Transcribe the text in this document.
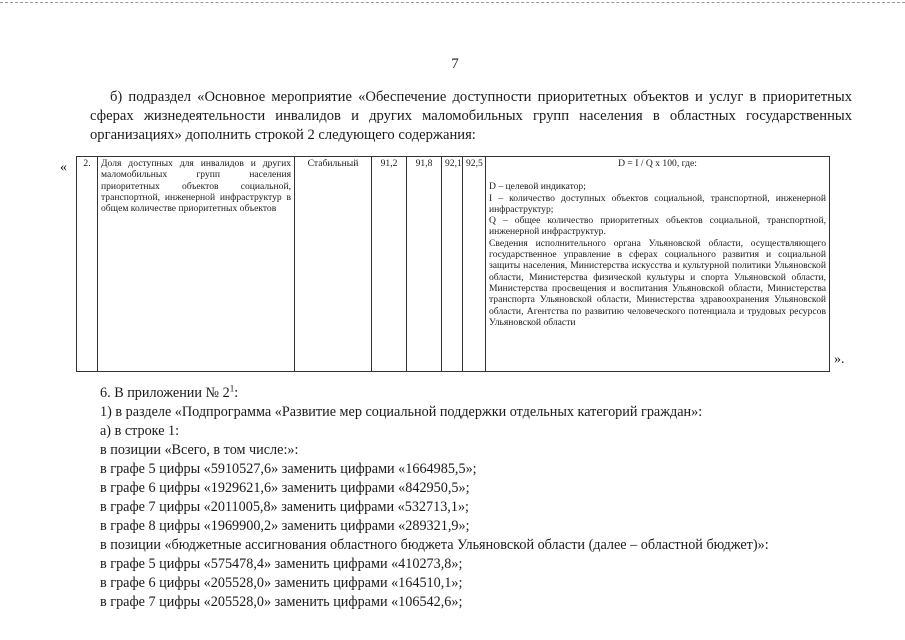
7
б) подраздел «Основное мероприятие «Обеспечение доступности приоритетных объектов и услуг в приоритетных сферах жизнедеятельности инвалидов и других маломобильных групп населения в областных государственных организациях» дополнить строкой 2 следующего содержания:
« 2.	Доля доступных для инвалидов и других маломобильных групп населения приоритетных объектов социальной, транспортной, инженерной инфраструктур в общем количестве приоритетных объектов	Стабильный	91,2	91,8	92,1	92,5	D = I / Q x 100, где:

D – целевой индикатор;

I – количество доступных объектов социальной, транспортной, инженерной инфраструктур;

Q – общее количество приоритетных объектов социальной, транспортной, инженерной инфраструктур.

Сведения исполнительного органа Ульяновской области, осуществляющего государственное управление в сферах социального развития и социальной защиты населения, Министерства искусства и культурной политики Ульяновской области, Министерства физической культуры и спорта Ульяновской области, Министерства просвещения и воспитания Ульяновской области, Министерства транспорта Ульяновской области, Министерства здравоохранения Ульяновской области, Агентства по развитию человеческого потенциала и трудовых ресурсов Ульяновской области

».
6. В приложении № $2^1$:
1) в разделе «Подпрограмма «Развитие мер социальной поддержки отдельных категорий граждан»:
а) в строке 1:
в позиции «Всего, в том числе:»:
в графе 5 цифры «5910527,6» заменить цифрами «1664985,5»;
в графе 6 цифры «1929621,6» заменить цифрами «842950,5»;
в графе 7 цифры «2011005,8» заменить цифрами «532713,1»;
в графе 8 цифры «1969900,2» заменить цифрами «289321,9»;
в позиции «бюджетные ассигнования областного бюджета Ульяновской области (далее – областной бюджет)»:
в графе 5 цифры «575478,4» заменить цифрами «410273,8»;
в графе 6 цифры «205528,0» заменить цифрами «164510,1»;
в графе 7 цифры «205528,0» заменить цифрами «106542,6»;
